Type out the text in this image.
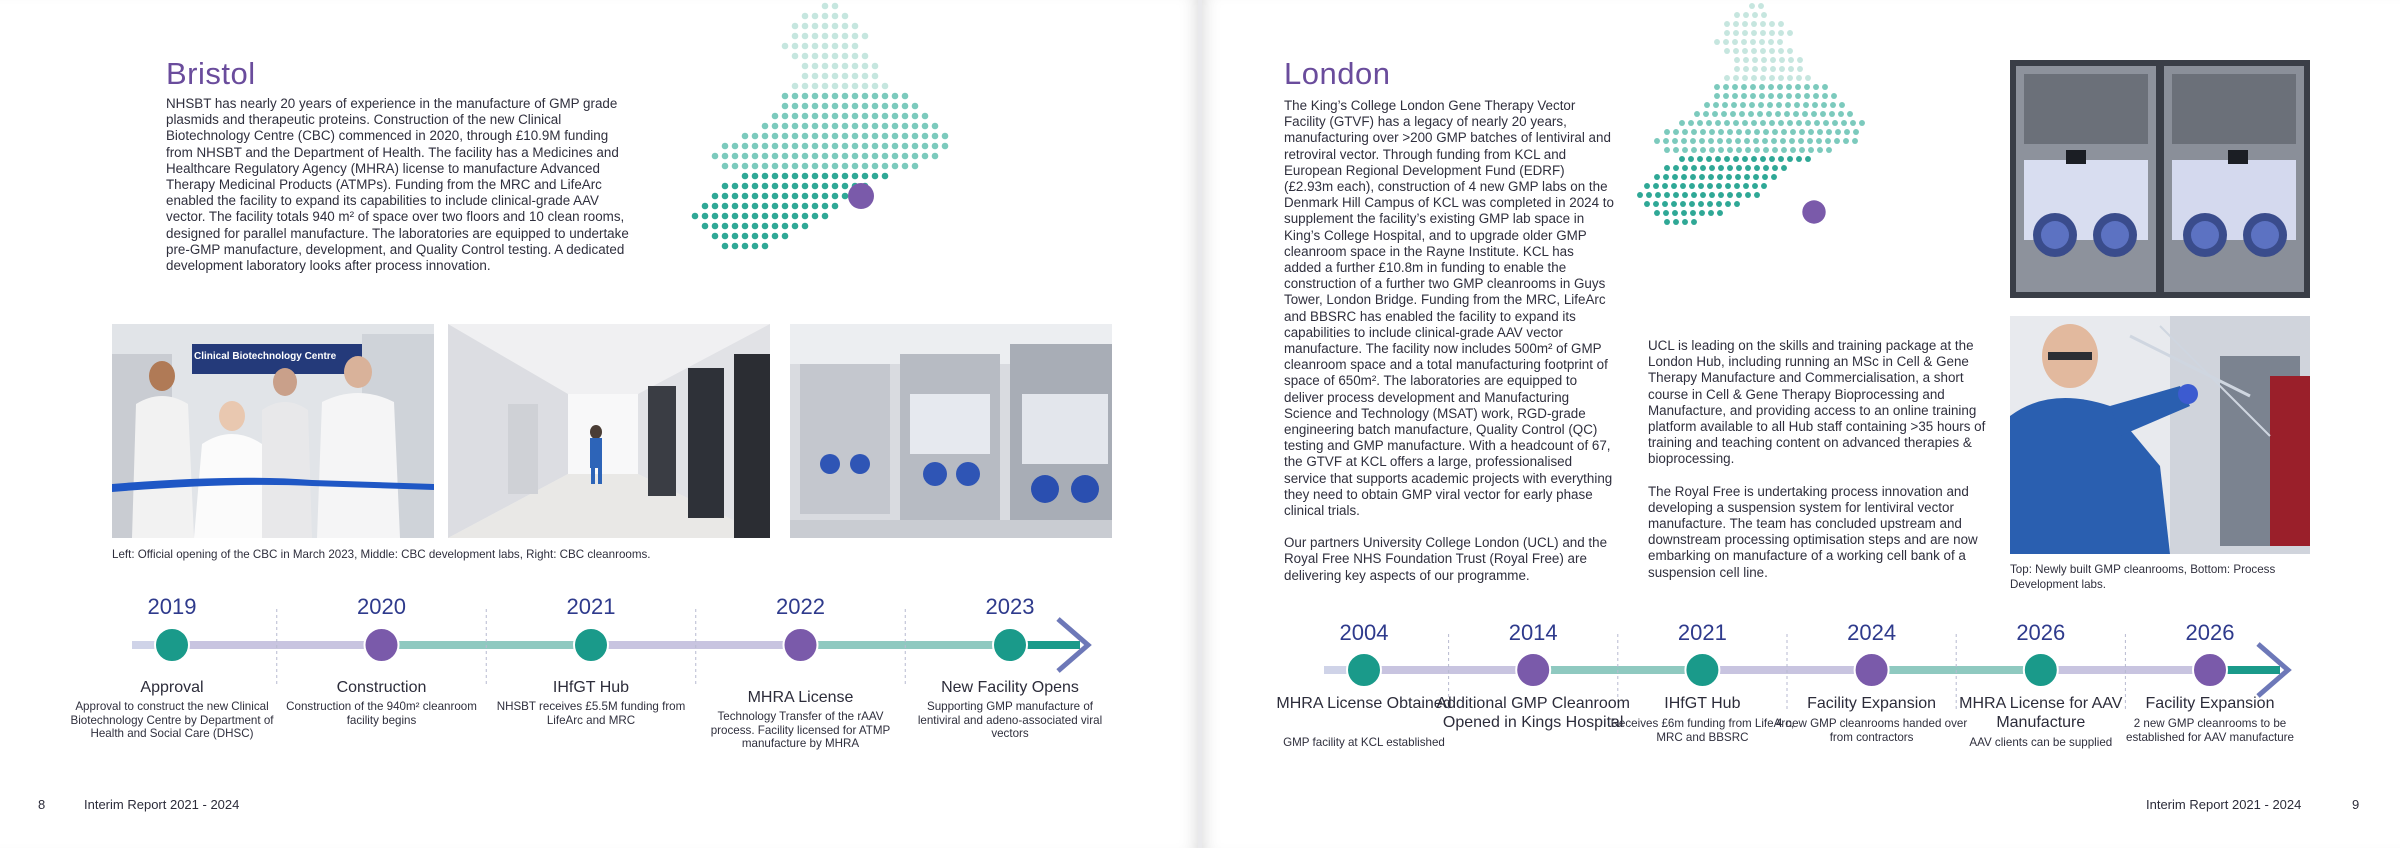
Bristol

NHSBT has nearly 20 years of experience in the manufacture of GMP grade plasmids and therapeutic proteins. Construction of the new Clinical Biotechnology Centre (CBC) commenced in 2020, through £10.9M funding from NHSBT and the Department of Health. The facility has a Medicines and Healthcare Regulatory Agency (MHRA) license to manufacture Advanced Therapy Medicinal Products (ATMPs). Funding from the MRC and LifeArc enabled the facility to expand its capabilities to include clinical-grade AAV vector. The facility totals 940 m² of space over two floors and 10 clean rooms, designed for parallel manufacture. The laboratories are equipped to undertake pre-GMP manufacture, development, and Quality Control testing. A dedicated development laboratory looks after process innovation.

Clinical Biotechnology Centre
Left: Official opening of the CBC in March 2023, Middle: CBC development labs, Right: CBC cleanrooms.
2019
Approval
Approval to construct the new Clinical Biotechnology Centre by Department of Health and Social Care (DHSC)
2020
Construction
Construction of the 940m² cleanroom facility begins
2021
IHfGT Hub
NHSBT receives £5.5M funding from LifeArc and MRC
2022
MHRA License
Technology Transfer of the rAAV process. Facility licensed for ATMP manufacture by MHRA
2023
New Facility Opens
Supporting GMP manufacture of lentiviral and adeno-associated viral vectors
8	Interim Report 2021 - 2024
London

The King’s College London Gene Therapy Vector Facility (GTVF) has a legacy of nearly 20 years, manufacturing over >200 GMP batches of lentiviral and retroviral vector. Through funding from KCL and European Regional Development Fund (EDRF) (£2.93m each), construction of 4 new GMP labs on the Denmark Hill Campus of KCL was completed in 2024 to supplement the facility’s existing GMP lab space in King’s College Hospital, and to upgrade older GMP cleanroom space in the Rayne Institute. KCL has added a further £10.8m in funding to enable the construction of a further two GMP cleanrooms in Guys Tower, London Bridge. Funding from the MRC, LifeArc and BBSRC has enabled the facility to expand its capabilities to include clinical-grade AAV vector manufacture. The facility now includes 500m² of GMP cleanroom space and a total manufacturing footprint of space of 650m². The laboratories are equipped to deliver process development and Manufacturing Science and Technology (MSAT) work, RGD-grade engineering batch manufacture, Quality Control (QC) testing and GMP manufacture. With a headcount of 67, the GTVF at KCL offers a large, professionalised service that supports academic projects with everything they need to obtain GMP viral vector for early phase clinical trials.

Our partners University College London (UCL) and the Royal Free NHS Foundation Trust (Royal Free) are delivering key aspects of our programme.

UCL is leading on the skills and training package at the London Hub, including running an MSc in Cell & Gene Therapy Manufacture and Commercialisation, a short course in Cell & Gene Therapy Bioprocessing and Manufacture, and providing access to an online training platform available to all Hub staff containing >35 hours of training and teaching content on advanced therapies & bioprocessing.

The Royal Free is undertaking process innovation and developing a suspension system for lentiviral vector manufacture. The team has concluded upstream and downstream processing optimisation steps and are now embarking on manufacture of a working cell bank of a suspension cell line.	Top: Newly built GMP cleanrooms, Bottom: Process Development labs.
2004
MHRA License Obtained
GMP facility at KCL established
2014
Additional GMP Cleanroom Opened in Kings Hospital
2021
IHfGT Hub
Receives £6m funding from LifeArc, MRC and BBSRC
2024
Facility Expansion
4 new GMP cleanrooms handed over from contractors
2026
MHRA License for AAV Manufacture
AAV clients can be supplied
2026
Facility Expansion
2 new GMP cleanrooms to be established for AAV manufacture
Interim Report 2021 - 2024	9
